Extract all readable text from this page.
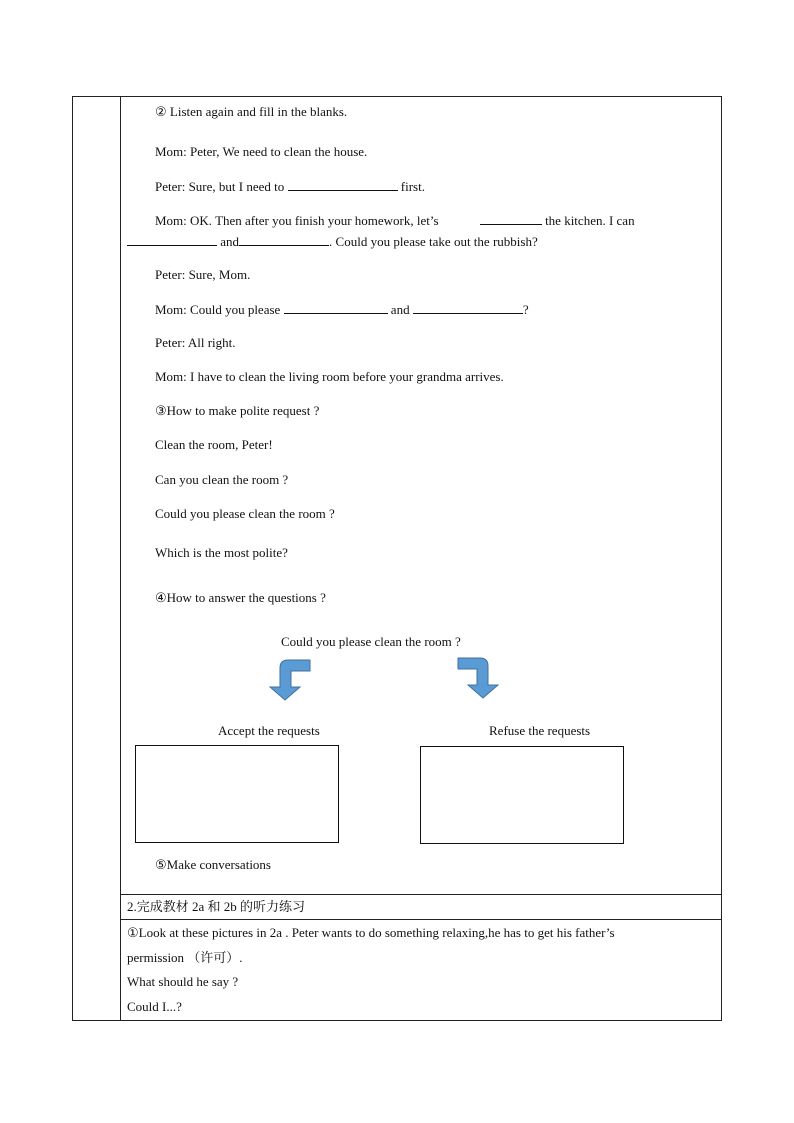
② Listen again and fill in the blanks.
Mom: Peter, We need to clean the house.
Peter: Sure, but I need to	first.
Mom: OK. Then after you finish your homework, let’s	the kitchen. I can
and	. Could you please take out the rubbish?
Peter: Sure, Mom.
Mom: Could you please	and	?
Peter: All right.
Mom: I have to clean the living room before your grandma arrives.
③How to make polite request ?
Clean the room, Peter!
Can you clean the room ?
Could you please clean the room ?
Which is the most polite?
④How to answer the questions ?
Could you please clean the room ?
Accept the requests	Refuse the requests
⑤Make conversations
2.完成教材 2a 和 2b 的听力练习
①Look at these pictures in 2a . Peter wants to do something relaxing,he has to get his father’s
permission （许可）.
What should he say ?
Could I...?
